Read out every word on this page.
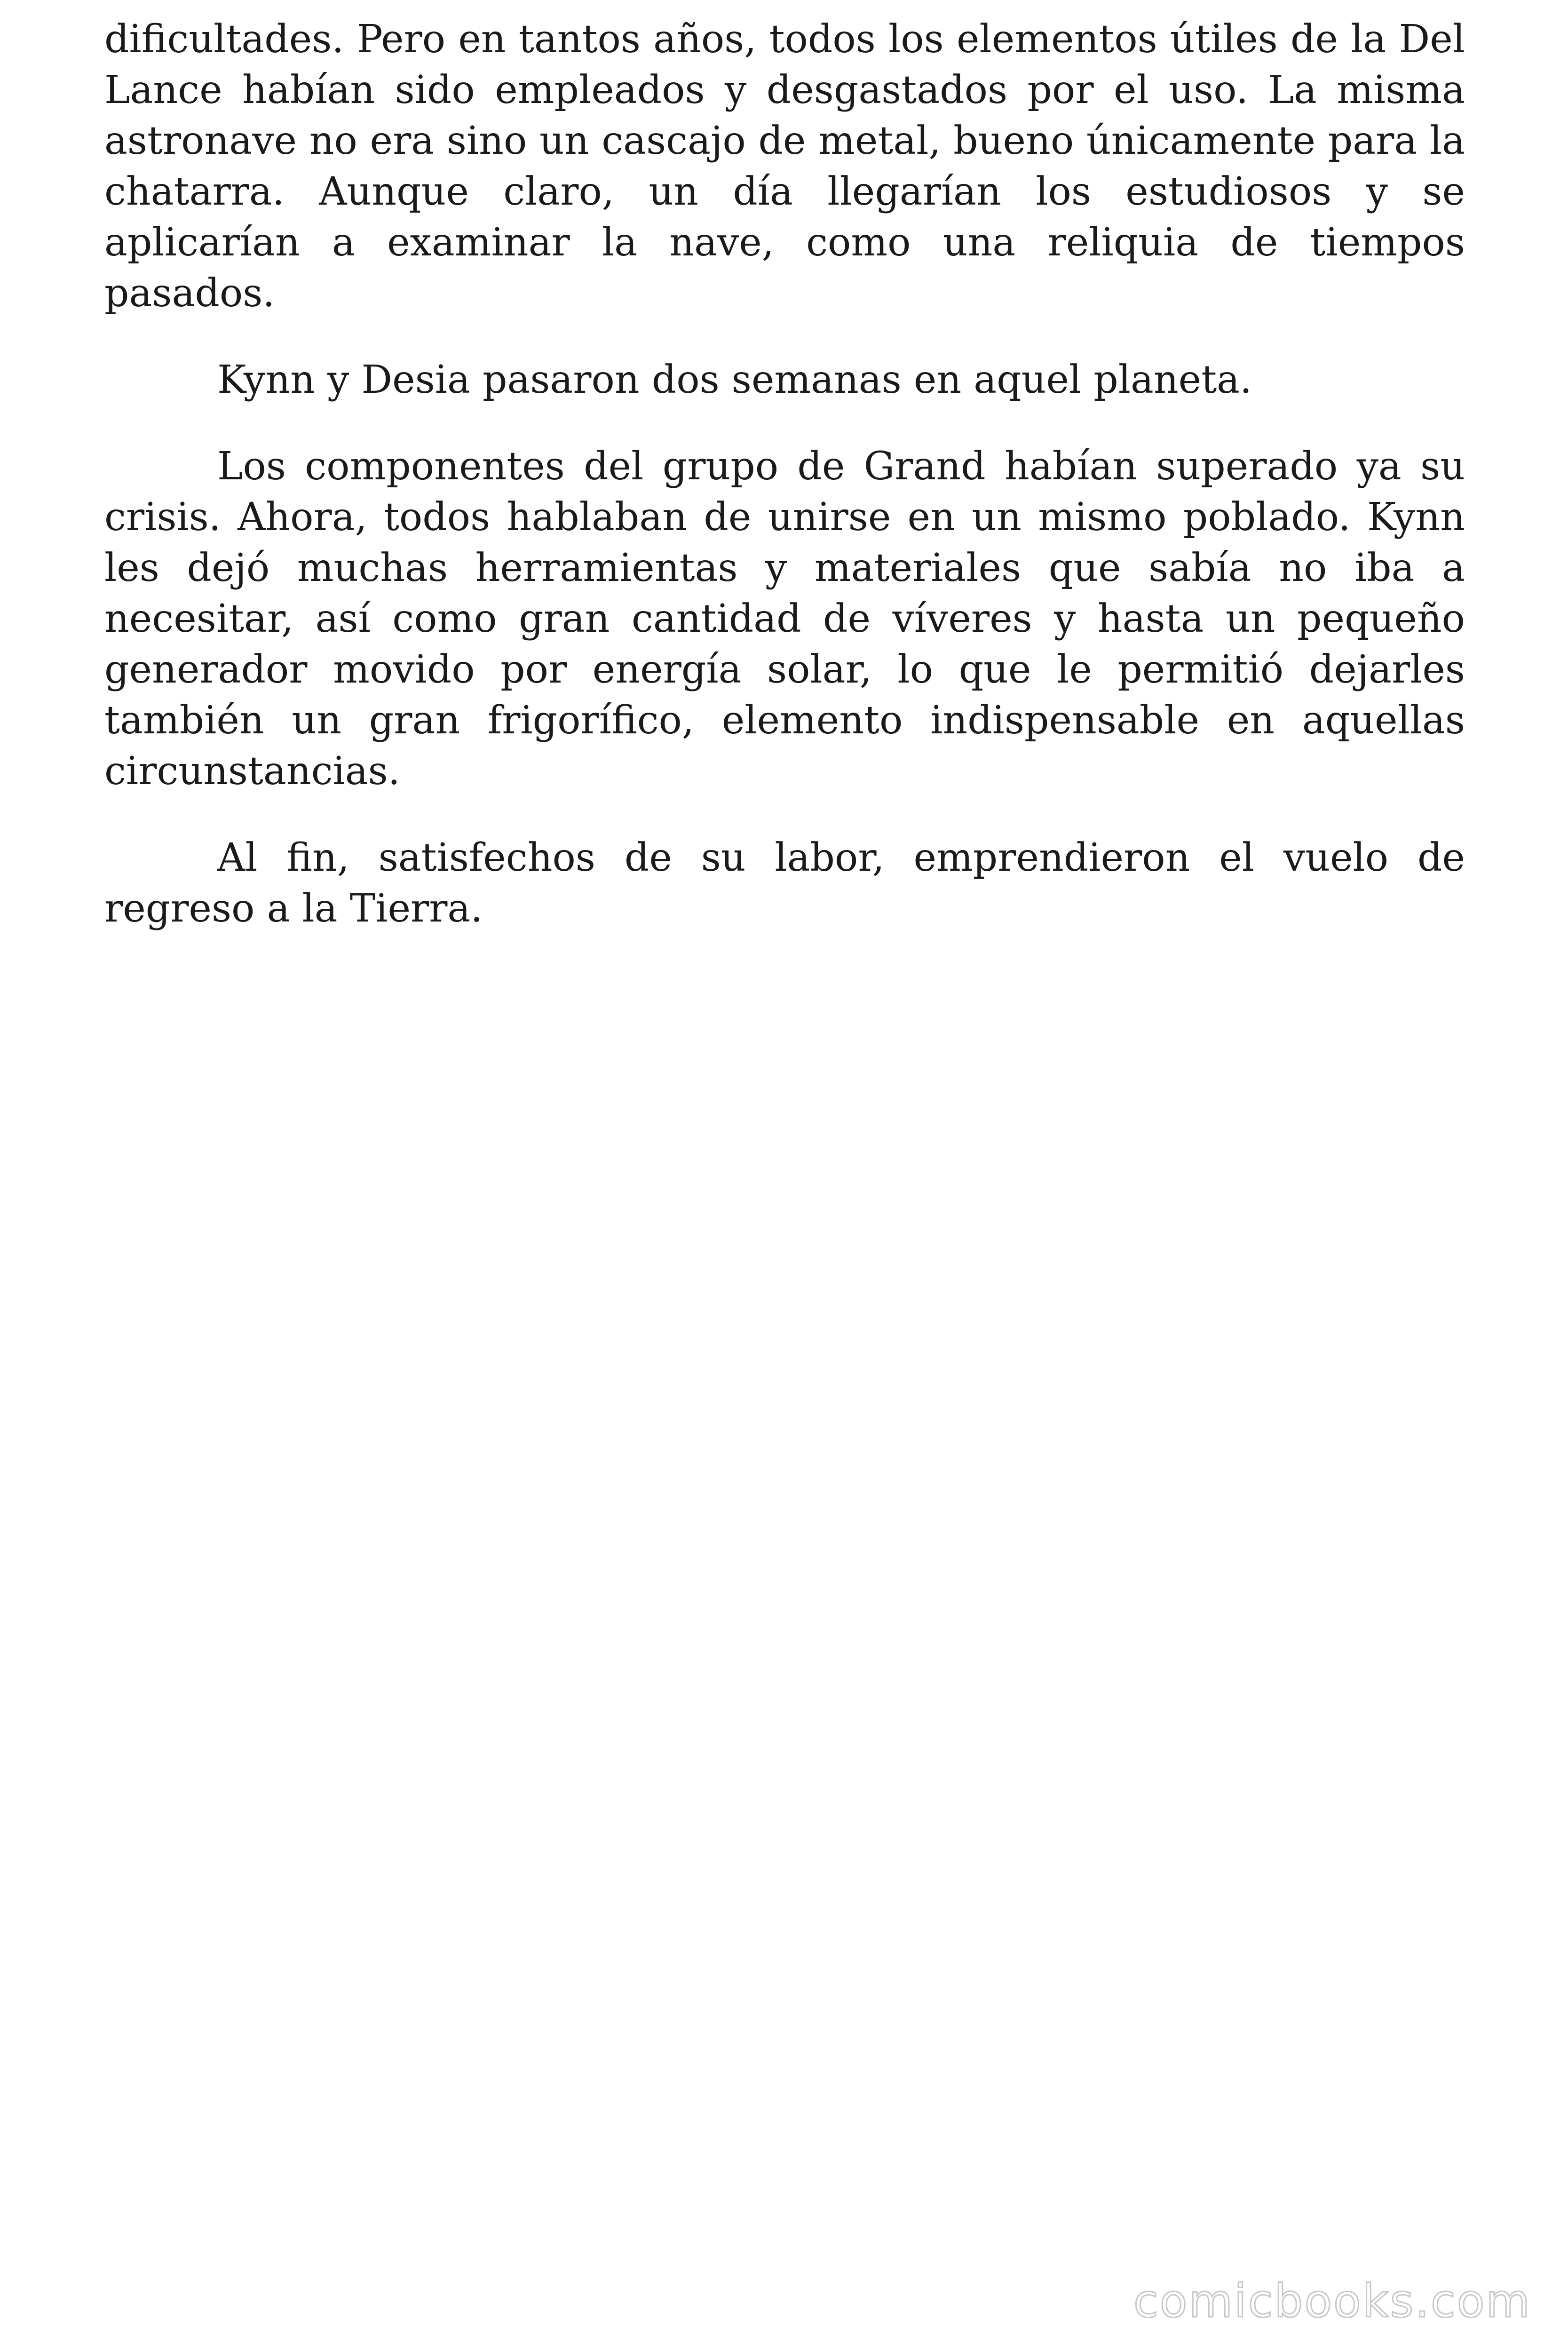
dificultades. Pero en tantos años, todos los elementos útiles de la Del Lance habían sido empleados y desgastados por el uso. La misma astronave no era sino un cascajo de metal, bueno únicamente para la chatarra. Aunque claro, un día llegarían los estudiosos y se aplicarían a examinar la nave, como una reliquia de tiempos pasados.

Kynn y Desia pasaron dos semanas en aquel planeta.

Los componentes del grupo de Grand habían superado ya su crisis. Ahora, todos hablaban de unirse en un mismo poblado. Kynn les dejó muchas herramientas y materiales que sabía no iba a necesitar, así como gran cantidad de víveres y hasta un pequeño generador movido por energía solar, lo que le permitió dejarles también un gran frigorífico, elemento indispensable en aquellas circunstancias.

Al fin, satisfechos de su labor, emprendieron el vuelo de regreso a la Tierra.

comicbooks.com
